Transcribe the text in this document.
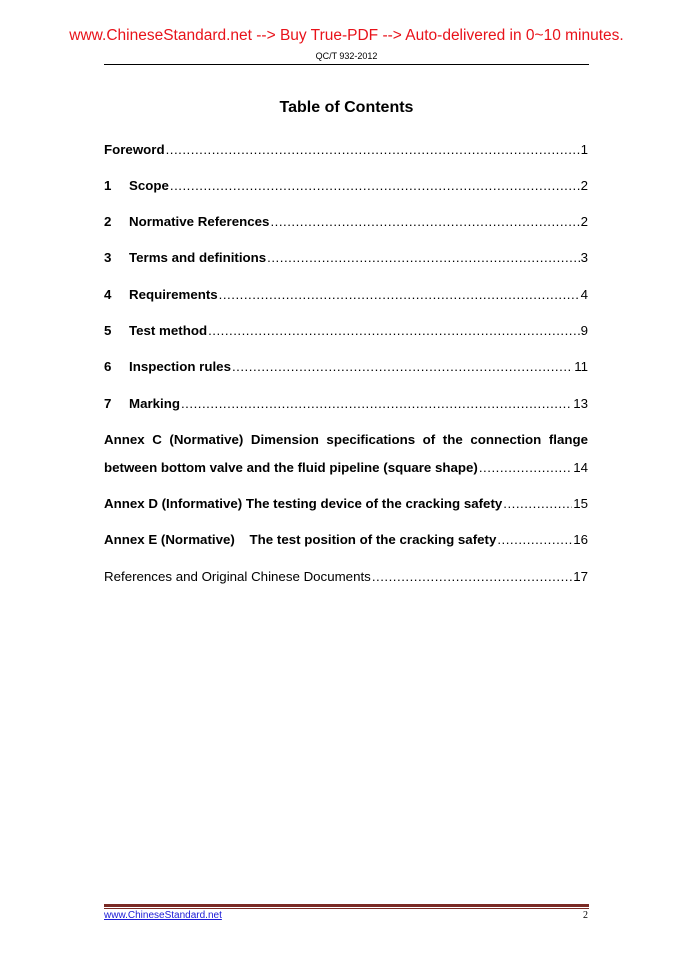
www.ChineseStandard.net --> Buy True-PDF --> Auto-delivered in 0~10 minutes.
QC/T 932-2012
Table of Contents
Foreword .....	1
1	Scope .....	2
2	Normative References .....	2
3	Terms and definitions .....	3
4	Requirements .....	4
5	Test method .....	9
6	Inspection rules .....	11
7	Marking .....	13
Annex C (Normative) Dimension specifications of the connection flange
between bottom valve and the fluid pipeline (square shape) .....	14
Annex D (Informative) The testing device of the cracking safety .....	15
Annex E (Normative)    The test position of the cracking safety .....	16
References and Original Chinese Documents .....	17
www.ChineseStandard.net	2
